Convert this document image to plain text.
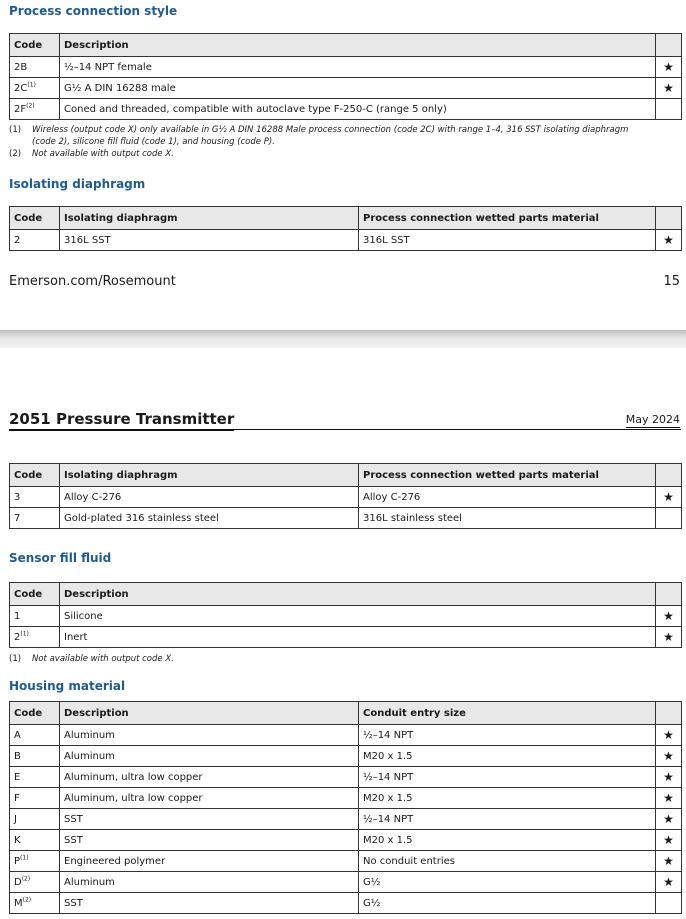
Process connection style
Code	Description	
2B	½–14 NPT female	★
$2C^{(1)}$	G½ A DIN 16288 male	★
$2F^{(2)}$	Coned and threaded, compatible with autoclave type F-250-C (range 5 only)	
(1)	Wireless (output code X) only available in G½ A DIN 16288 Male process connection (code 2C) with range 1–4, 316 SST isolating diaphragm (code 2), silicone fill fluid (code 1), and housing (code P).
(2)	Not available with output code X.
Isolating diaphragm
Code	Isolating diaphragm	Process connection wetted parts material	
2	316L SST	316L SST	★
Emerson.com/Rosemount	15
2051 Pressure Transmitter	May 2024
Code	Isolating diaphragm	Process connection wetted parts material	
3	Alloy C-276	Alloy C-276	★
7	Gold-plated 316 stainless steel	316L stainless steel	
Sensor fill fluid
Code	Description	
1	Silicone	★
2$^{(1)}$	Inert	★
(1)	Not available with output code X.
Housing material
Code	Description	Conduit entry size	
A	Aluminum	½–14 NPT	★
B	Aluminum	M20 x 1.5	★
E	Aluminum, ultra low copper	½–14 NPT	★
F	Aluminum, ultra low copper	M20 x 1.5	★
J	SST	½–14 NPT	★
K	SST	M20 x 1.5	★
$P^{(1)}$	Engineered polymer	No conduit entries	★
$D^{(2)}$	Aluminum	G½	★
$M^{(2)}$	SST	G½	
